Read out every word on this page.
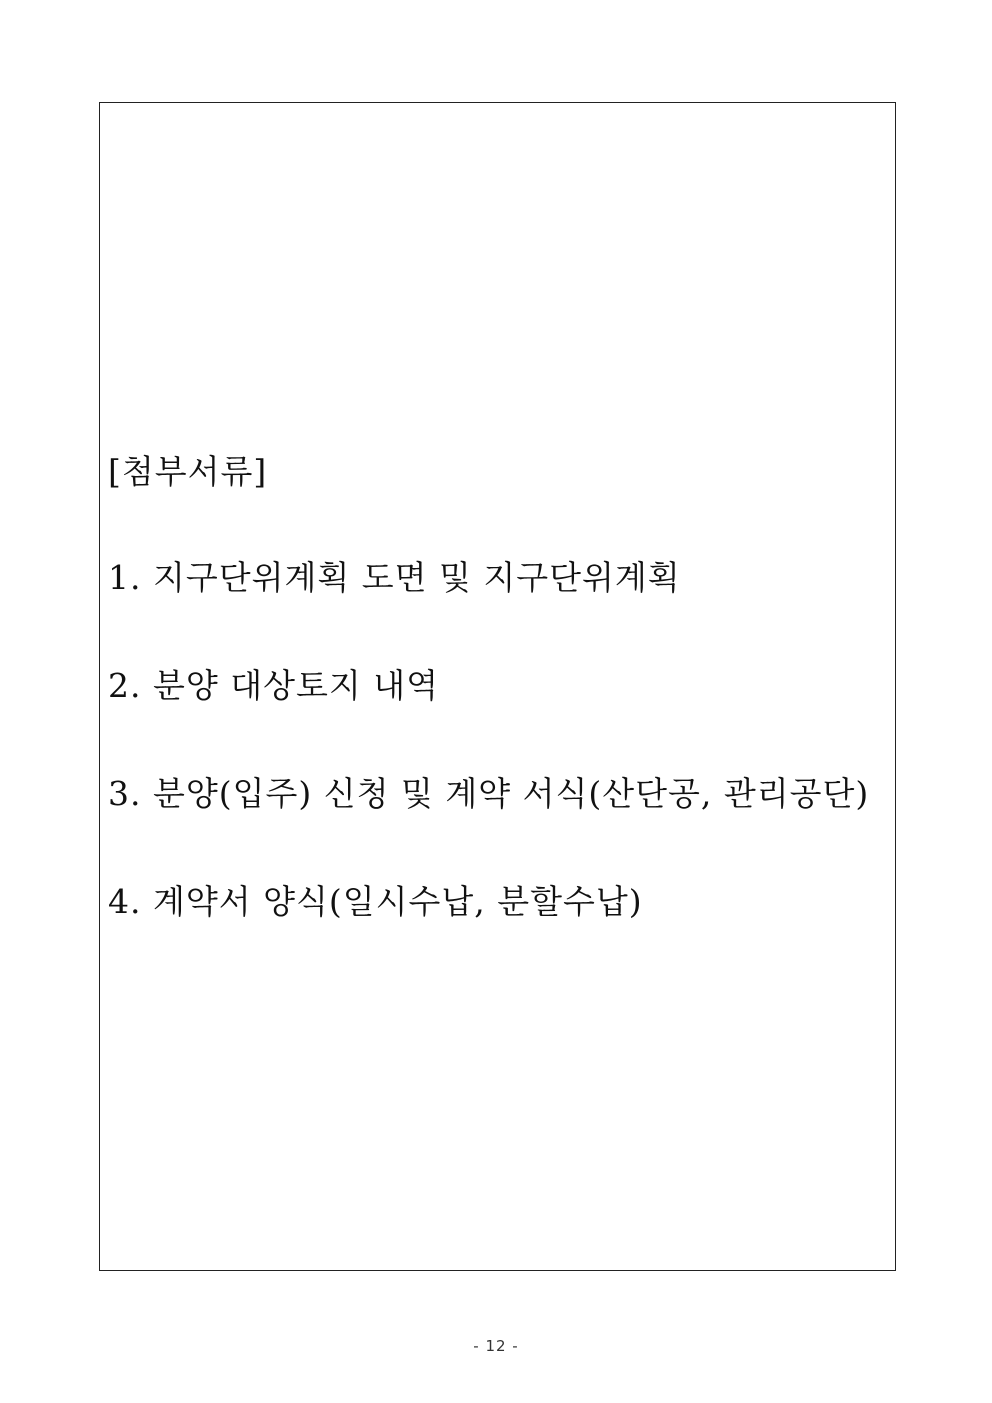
[첨부서류]
1. 지구단위계획 도면 및 지구단위계획
2. 분양 대상토지 내역
3. 분양(입주) 신청 및 계약 서식(산단공, 관리공단)
4. 계약서 양식(일시수납, 분할수납)
- 12 -
